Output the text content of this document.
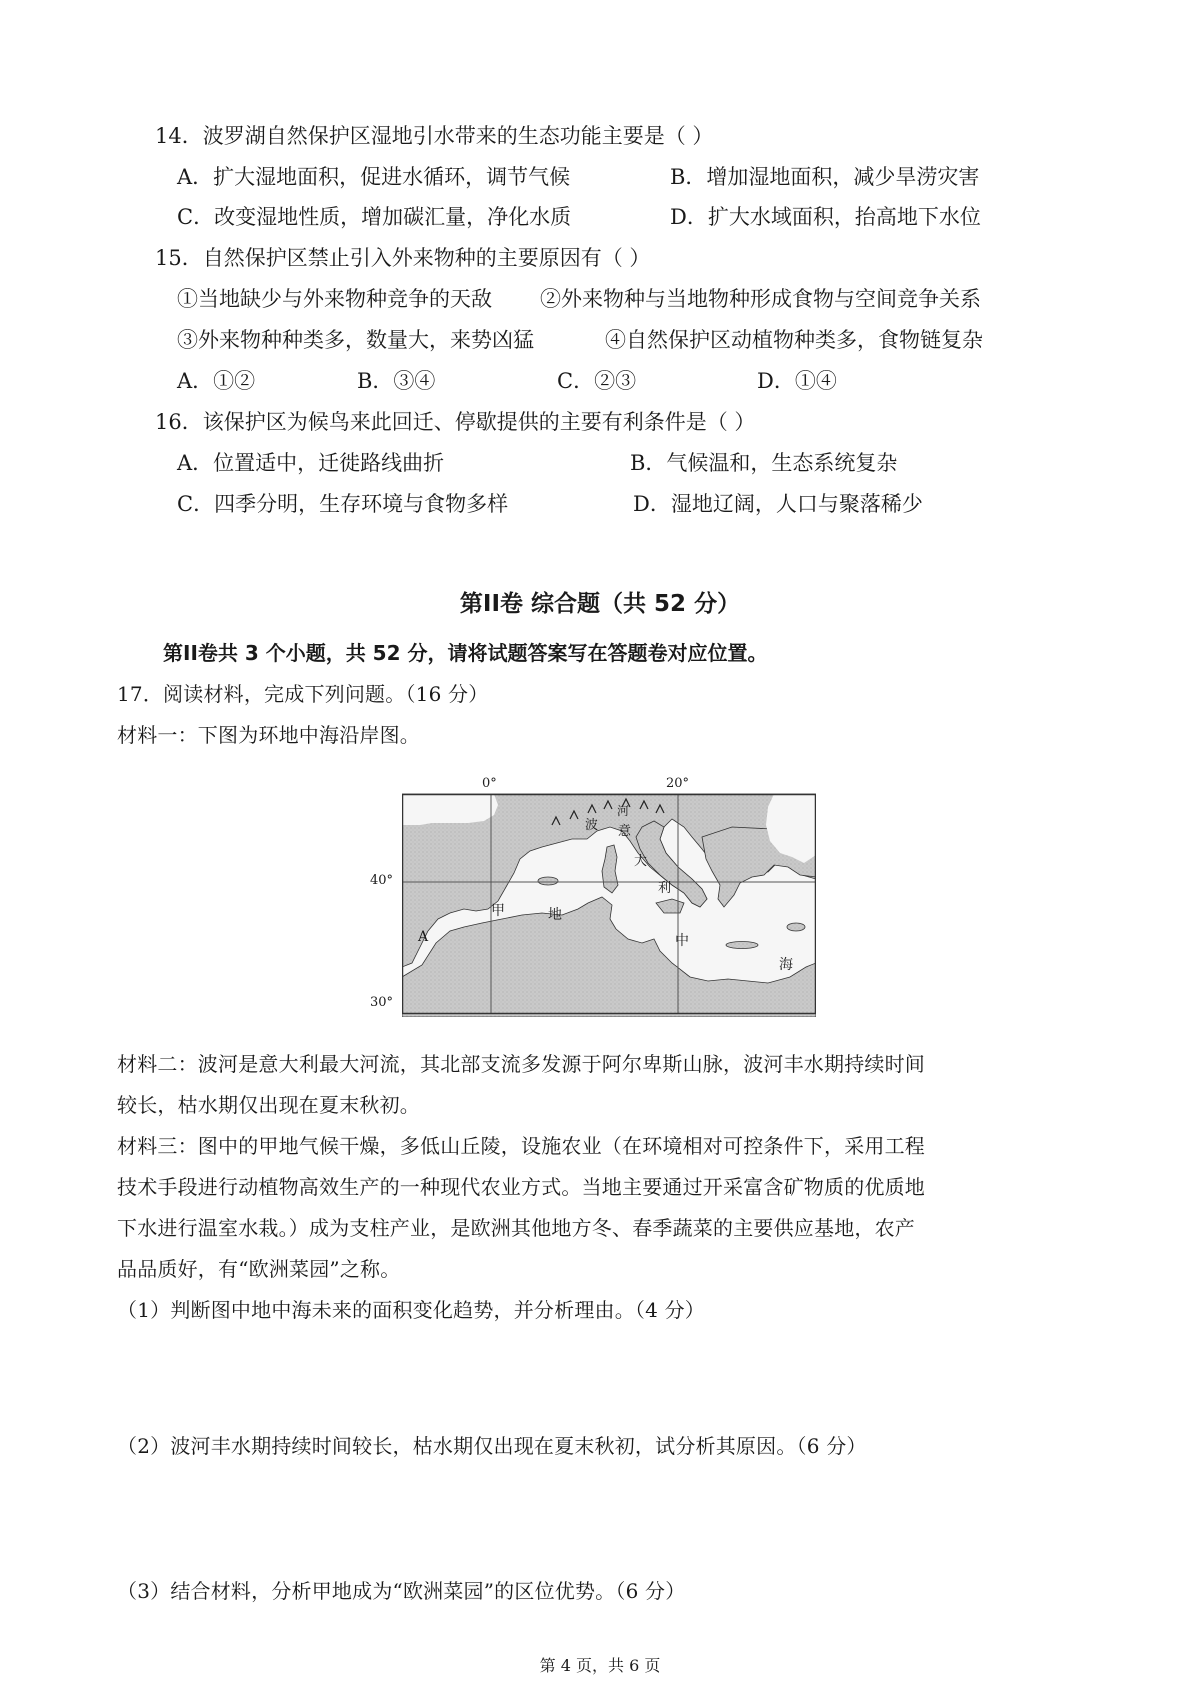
14．波罗湖自然保护区湿地引水带来的生态功能主要是（ ）
A．扩大湿地面积，促进水循环，调节气候	B．增加湿地面积，减少旱涝灾害
C．改变湿地性质，增加碳汇量，净化水质	D．扩大水域面积，抬高地下水位
15．自然保护区禁止引入外来物种的主要原因有（ ）
①当地缺少与外来物种竞争的天敌 ②外来物种与当地物种形成食物与空间竞争关系
③外来物种种类多，数量大，来势凶猛	④自然保护区动植物种类多，食物链复杂
A．①②	B．③④	C．②③	D．①④
16．该保护区为候鸟来此回迁、停歇提供的主要有利条件是（ ）
A．位置适中，迁徙路线曲折	B．气候温和，生态系统复杂
C．四季分明，生存环境与食物多样	D．湿地辽阔，人口与聚落稀少
第II卷 综合题（共 52 分）
第II卷共 3 个小题，共 52 分，请将试题答案写在答题卷对应位置。
17．阅读材料，完成下列问题。（16 分）
材料一：下图为环地中海沿岸图。
0°	20°
40°
30°
甲	地
中
海
A
波
河
意
大
利
材料二：波河是意大利最大河流，其北部支流多发源于阿尔卑斯山脉，波河丰水期持续时间
较长，枯水期仅出现在夏末秋初。
材料三：图中的甲地气候干燥，多低山丘陵，设施农业（在环境相对可控条件下，采用工程
技术手段进行动植物高效生产的一种现代农业方式。当地主要通过开采富含矿物质的优质地
下水进行温室水栽。）成为支柱产业，是欧洲其他地方冬、春季蔬菜的主要供应基地，农产
品品质好，有“欧洲菜园”之称。
（1）判断图中地中海未来的面积变化趋势，并分析理由。（4 分）
（2）波河丰水期持续时间较长，枯水期仅出现在夏末秋初，试分析其原因。（6 分）
（3）结合材料，分析甲地成为“欧洲菜园”的区位优势。（6 分）
第 4 页，共 6 页
